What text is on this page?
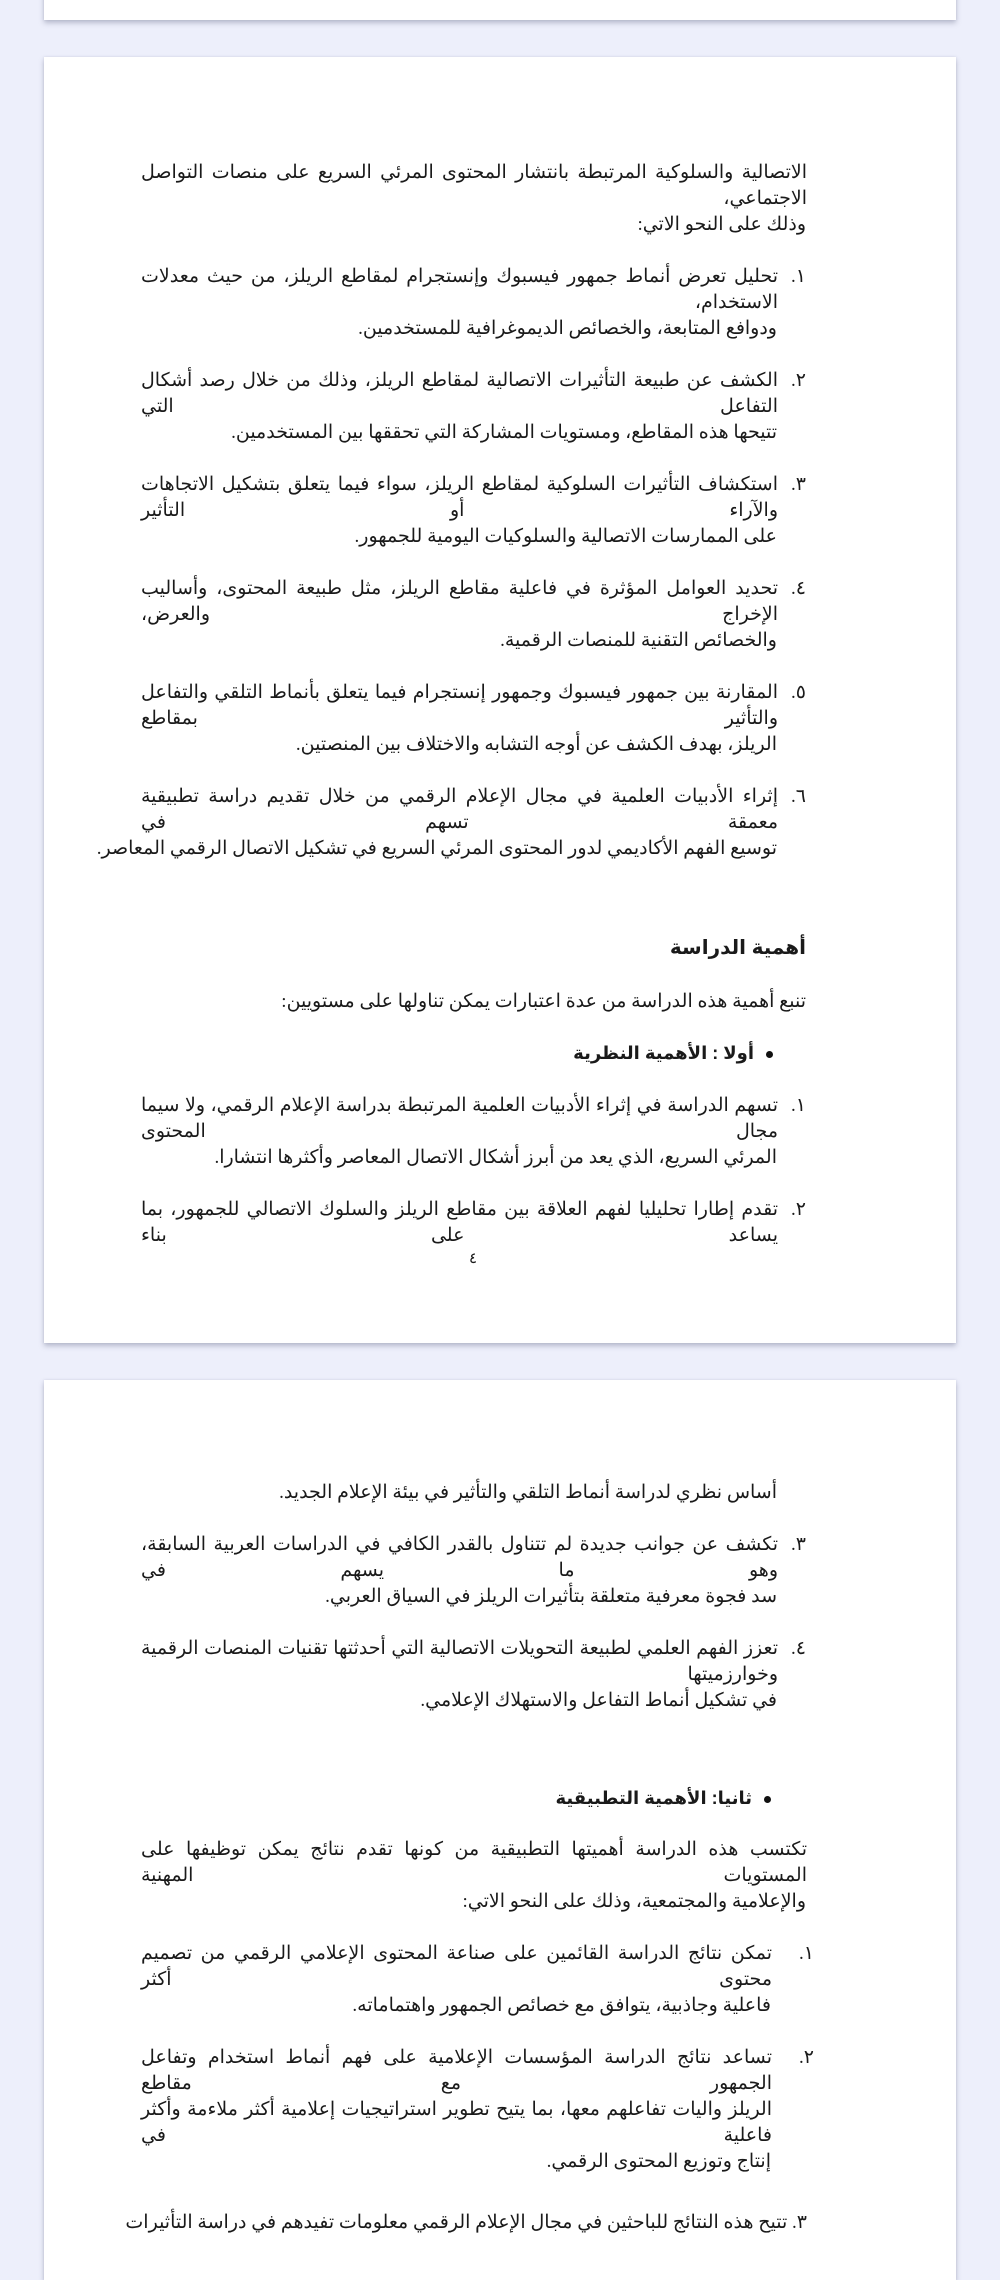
الاتصالية والسلوكية المرتبطة بانتشار المحتوى المرئي السريع على منصات التواصل الاجتماعي،
وذلك على النحو الاتي:
١.
تحليل تعرض أنماط جمهور فيسبوك وإنستجرام لمقاطع الريلز، من حيث معدلات الاستخدام،
ودوافع المتابعة، والخصائص الديموغرافية للمستخدمين.
٢.
الكشف عن طبيعة التأثيرات الاتصالية لمقاطع الريلز، وذلك من خلال رصد أشكال التفاعل التي
تتيحها هذه المقاطع، ومستويات المشاركة التي تحققها بين المستخدمين.
٣.
استكشاف التأثيرات السلوكية لمقاطع الريلز، سواء فيما يتعلق بتشكيل الاتجاهات والآراء أو التأثير
على الممارسات الاتصالية والسلوكيات اليومية للجمهور.
٤.
تحديد العوامل المؤثرة في فاعلية مقاطع الريلز، مثل طبيعة المحتوى، وأساليب الإخراج والعرض،
والخصائص التقنية للمنصات الرقمية.
٥.
المقارنة بين جمهور فيسبوك وجمهور إنستجرام فيما يتعلق بأنماط التلقي والتفاعل والتأثير بمقاطع
الريلز، بهدف الكشف عن أوجه التشابه والاختلاف بين المنصتين.
٦.
إثراء الأدبيات العلمية في مجال الإعلام الرقمي من خلال تقديم دراسة تطبيقية معمقة تسهم في
توسيع الفهم الأكاديمي لدور المحتوى المرئي السريع في تشكيل الاتصال الرقمي المعاصر.
أهمية الدراسة
تنبع أهمية هذه الدراسة من عدة اعتبارات يمكن تناولها على مستويين:
أولا : الأهمية النظرية
١.
تسهم الدراسة في إثراء الأدبيات العلمية المرتبطة بدراسة الإعلام الرقمي، ولا سيما مجال المحتوى
المرئي السريع، الذي يعد من أبرز أشكال الاتصال المعاصر وأكثرها انتشارا.
٢.
تقدم إطارا تحليليا لفهم العلاقة بين مقاطع الريلز والسلوك الاتصالي للجمهور، بما يساعد على بناء
٤
أساس نظري لدراسة أنماط التلقي والتأثير في بيئة الإعلام الجديد.
٣.
تكشف عن جوانب جديدة لم تتناول بالقدر الكافي في الدراسات العربية السابقة، وهو ما يسهم في
سد فجوة معرفية متعلقة بتأثيرات الريلز في السياق العربي.
٤.
تعزز الفهم العلمي لطبيعة التحويلات الاتصالية التي أحدثتها تقنيات المنصات الرقمية وخوارزميتها
في تشكيل أنماط التفاعل والاستهلاك الإعلامي.
ثانيا: الأهمية التطبيقية
تكتسب هذه الدراسة أهميتها التطبيقية من كونها تقدم نتائج يمكن توظيفها على المستويات المهنية
والإعلامية والمجتمعية، وذلك على النحو الاتي:
١.
تمكن نتائج الدراسة القائمين على صناعة المحتوى الإعلامي الرقمي من تصميم محتوى أكثر
فاعلية وجاذبية، يتوافق مع خصائص الجمهور واهتماماته.
٢.
تساعد نتائج الدراسة المؤسسات الإعلامية على فهم أنماط استخدام وتفاعل الجمهور مع مقاطع
الريلز واليات تفاعلهم معها، بما يتيح تطوير استراتيجيات إعلامية أكثر ملاءمة وأكثر فاعلية في
إنتاج وتوزيع المحتوى الرقمي.
٣. تتيح هذه النتائج للباحثين في مجال الإعلام الرقمي معلومات تفيدهم في دراسة التأثيرات
